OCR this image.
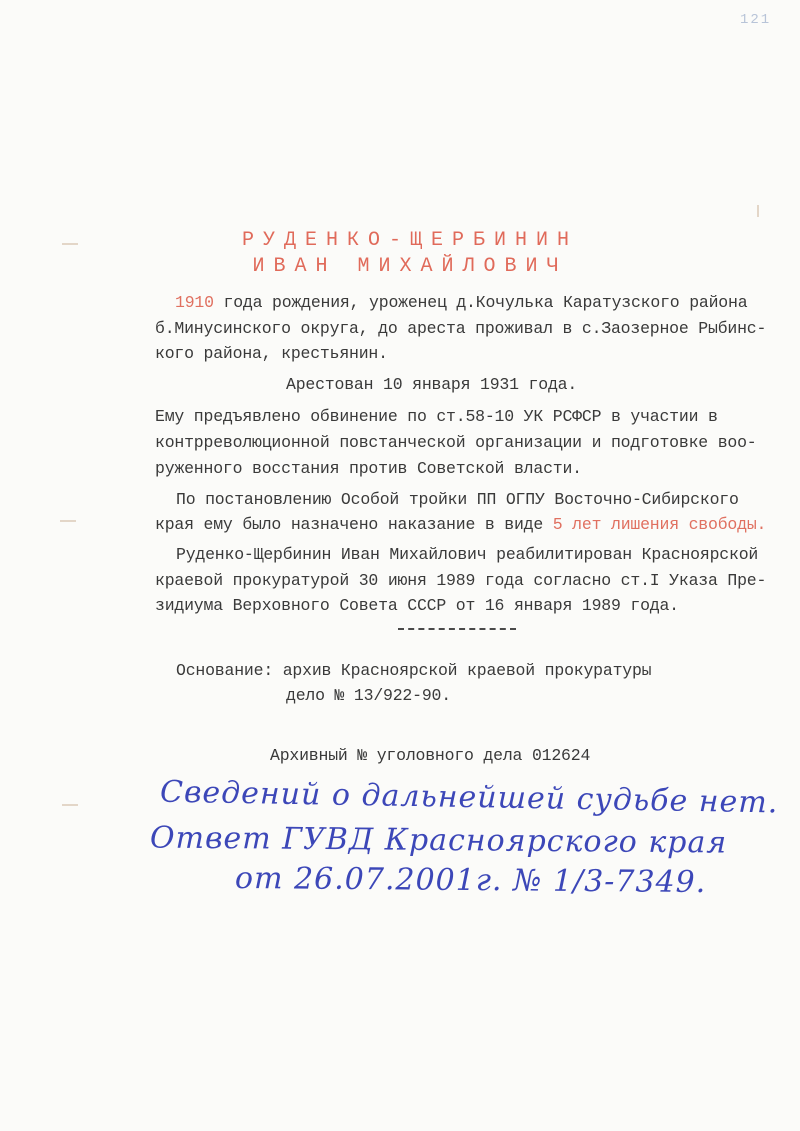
121
РУДЕНКО-ЩЕРБИНИН
ИВАН МИХАЙЛОВИЧ
1910 года рождения, уроженец д.Кочулька Каратузского района
б.Минусинского округа, до ареста проживал в с.Заозерное Рыбинс-
кого района, крестьянин.
Арестован 10 января 1931 года.
Ему предъявлено обвинение по ст.58-10 УК РСФСР в участии в
контрреволюционной повстанческой организации и подготовке воо-
руженного восстания против Советской власти.
По постановлению Особой тройки ПП ОГПУ Восточно-Сибирского
края ему было назначено наказание в виде 5 лет лишения свободы.
Руденко-Щербинин Иван Михайлович реабилитирован Красноярской
краевой прокуратурой 30 июня 1989 года согласно ст.I Указа Пре-
зидиума Верховного Совета СССР от 16 января 1989 года.
Основание: архив Красноярской краевой прокуратуры
дело № 13/922-90.
Архивный № уголовного дела 012624
Сведений о дальнейшей судьбе нет.
Ответ ГУВД Красноярского края
от 26.07.2001г. № 1/3-7349.
